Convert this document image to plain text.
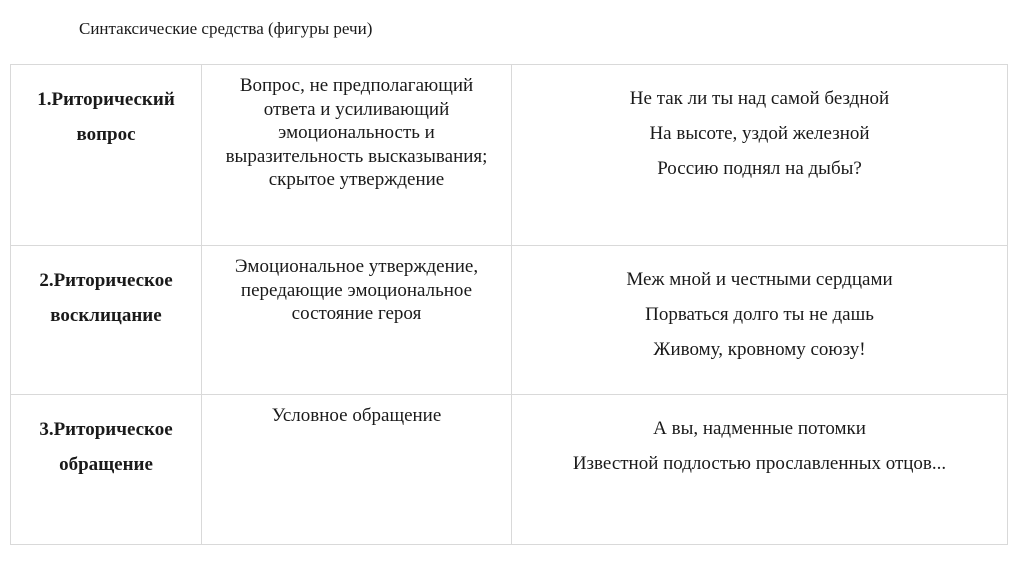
Синтаксические средства (фигуры речи)
1.Риторический
вопрос	Вопрос, не предполагающий ответа и усиливающий эмоциональность и выразительность высказывания; скрытое утверждение	Не так ли ты над самой бездной
На высоте, уздой железной
Россию поднял на дыбы?

2.Риторическое
восклицание	Эмоциональное утверждение, передающие эмоциональное состояние героя	Меж мной и честными сердцами
Порваться долго ты не дашь
Живому, кровному союзу!

3.Риторическое
обращение	Условное обращение	А вы, надменные потомки
Известной подлостью прославленных отцов...
